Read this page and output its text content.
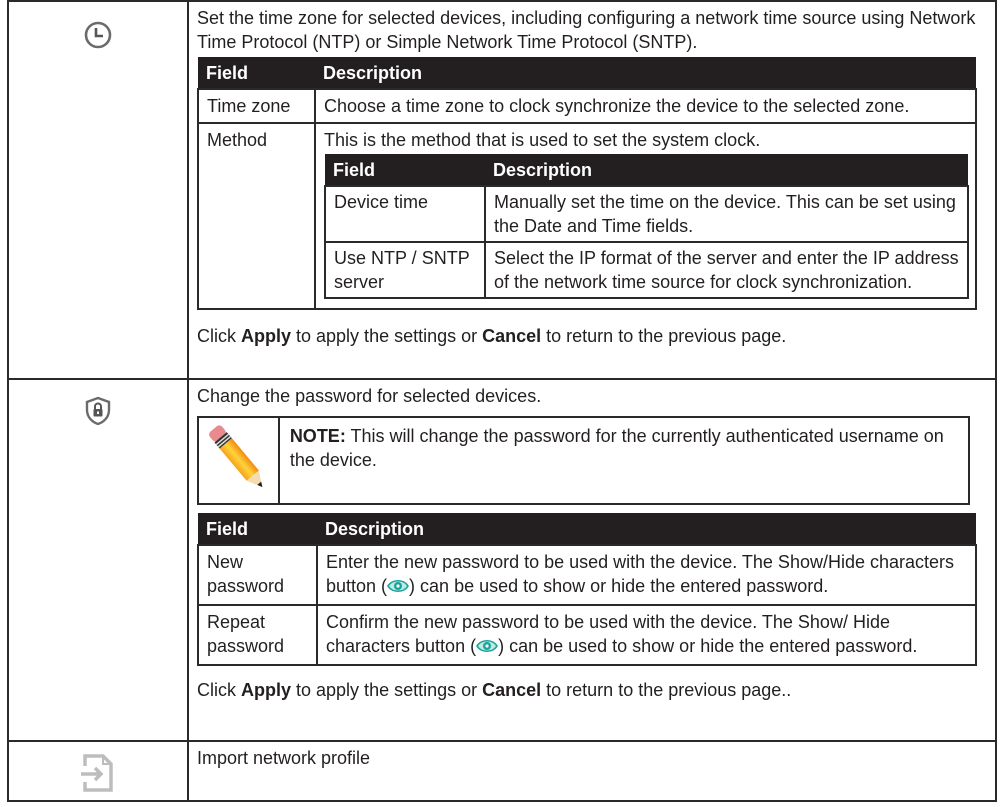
Set the time zone for selected devices, including configuring a network time source using Network Time Protocol (NTP) or Simple Network Time Protocol (SNTP).
Field	Description
Time zone	Choose a time zone to clock synchronize the device to the selected zone.
Method	This is the method that is used to set the system clock.
Field	Description
Device time	Manually set the time on the device. This can be set using the Date and Time fields.
Use NTP / SNTP server	Select the IP format of the server and enter the IP address of the network time source for clock synchronization.
Click Apply to apply the settings or Cancel to return to the previous page.
Change the password for selected devices.
NOTE: This will change the password for the currently authenticated username on the device.
Field	Description
New password	Enter the new password to be used with the device. The Show/Hide characters button ( ) can be used to show or hide the entered password.
Repeat password	Confirm the new password to be used with the device. The Show/ Hide characters button ( ) can be used to show or hide the entered password.
Click Apply to apply the settings or Cancel to return to the previous page..
Import network profile
